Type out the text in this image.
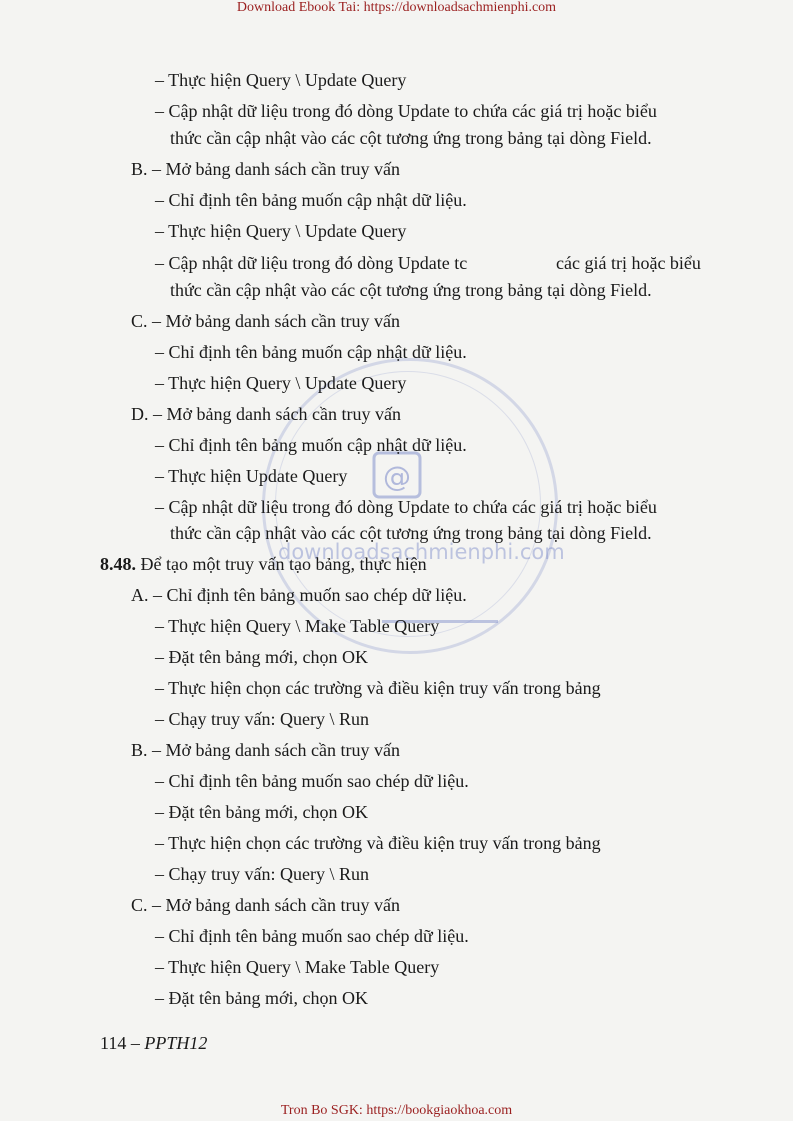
Download Ebook Tai: https://downloadsachmienphi.com
@
downloadsachmienphi.com
– Thực hiện Query \ Update Query
– Cập nhật dữ liệu trong đó dòng Update to chứa các giá trị hoặc biểu
thức cần cập nhật vào các cột tương ứng trong bảng tại dòng Field.
B. – Mở bảng danh sách cần truy vấn
– Chỉ định tên bảng muốn cập nhật dữ liệu.
– Thực hiện Query \ Update Query
– Cập nhật dữ liệu trong đó dòng Update tc	các giá trị hoặc biểu
thức cần cập nhật vào các cột tương ứng trong bảng tại dòng Field.
C. – Mở bảng danh sách cần truy vấn
– Chỉ định tên bảng muốn cập nhật dữ liệu.
– Thực hiện Query \ Update Query
D. – Mở bảng danh sách cần truy vấn
– Chỉ định tên bảng muốn cập nhật dữ liệu.
– Thực hiện Update Query
– Cập nhật dữ liệu trong đó dòng Update to chứa các giá trị hoặc biểu
thức cần cập nhật vào các cột tương ứng trong bảng tại dòng Field.
8.48. Để tạo một truy vấn tạo bảng, thực hiện
A. – Chỉ định tên bảng muốn sao chép dữ liệu.
– Thực hiện Query \ Make Table Query
– Đặt tên bảng mới, chọn OK
– Thực hiện chọn các trường và điều kiện truy vấn trong bảng
– Chạy truy vấn: Query \ Run
B. – Mở bảng danh sách cần truy vấn
– Chỉ định tên bảng muốn sao chép dữ liệu.
– Đặt tên bảng mới, chọn OK
– Thực hiện chọn các trường và điều kiện truy vấn trong bảng
– Chạy truy vấn: Query \ Run
C. – Mở bảng danh sách cần truy vấn
– Chỉ định tên bảng muốn sao chép dữ liệu.
– Thực hiện Query \ Make Table Query
– Đặt tên bảng mới, chọn OK
114 – PPTH12
Tron Bo SGK: https://bookgiaokhoa.com
